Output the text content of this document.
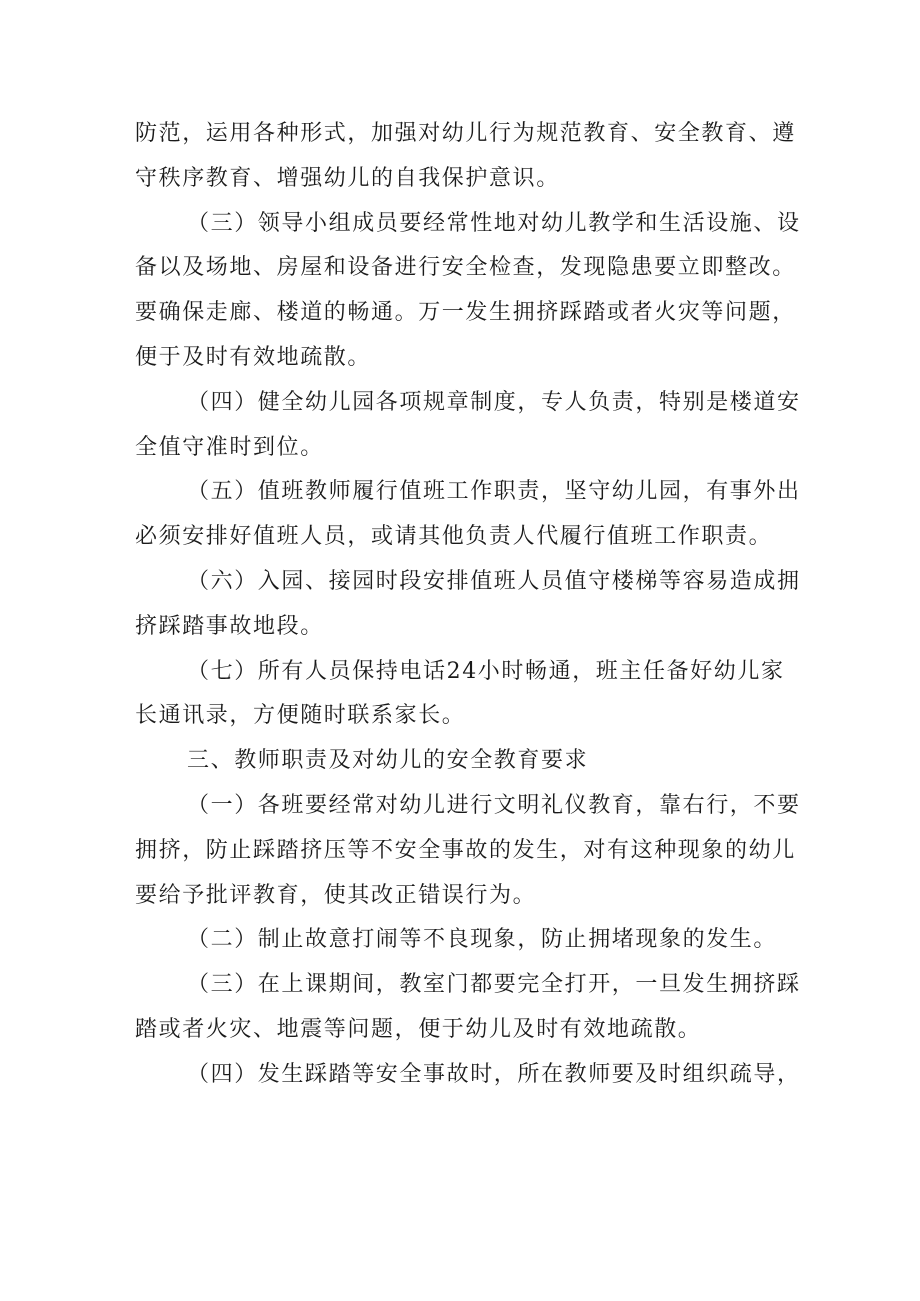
防范，运用各种形式，加强对幼儿行为规范教育、安全教育、遵
守秩序教育、增强幼儿的自我保护意识。

（三）领导小组成员要经常性地对幼儿教学和生活设施、设
备以及场地、房屋和设备进行安全检查，发现隐患要立即整改。
要确保走廊、楼道的畅通。万一发生拥挤踩踏或者火灾等问题，
便于及时有效地疏散。

（四）健全幼儿园各项规章制度，专人负责，特别是楼道安
全值守准时到位。

（五）值班教师履行值班工作职责，坚守幼儿园，有事外出
必须安排好值班人员，或请其他负责人代履行值班工作职责。

（六）入园、接园时段安排值班人员值守楼梯等容易造成拥
挤踩踏事故地段。

（七）所有人员保持电话24小时畅通，班主任备好幼儿家
长通讯录，方便随时联系家长。

三、教师职责及对幼儿的安全教育要求

（一）各班要经常对幼儿进行文明礼仪教育，靠右行，不要
拥挤，防止踩踏挤压等不安全事故的发生，对有这种现象的幼儿
要给予批评教育，使其改正错误行为。

（二）制止故意打闹等不良现象，防止拥堵现象的发生。

（三）在上课期间，教室门都要完全打开，一旦发生拥挤踩
踏或者火灾、地震等问题，便于幼儿及时有效地疏散。

（四）发生踩踏等安全事故时，所在教师要及时组织疏导，
